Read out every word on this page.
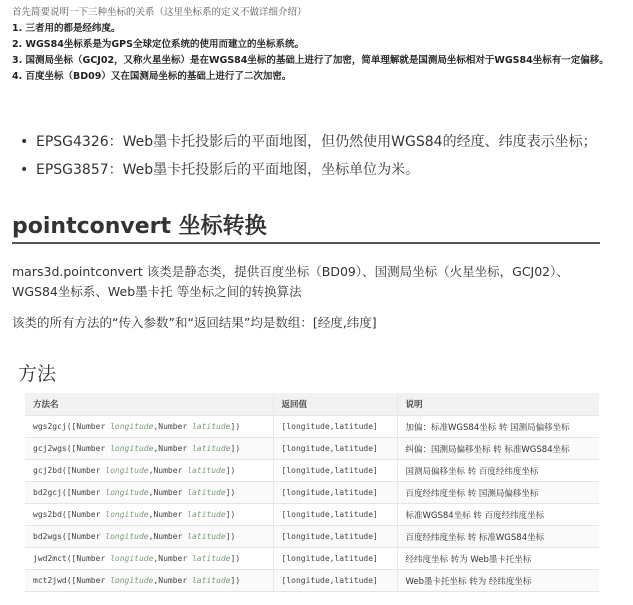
首先简要说明一下三种坐标的关系（这里坐标系的定义不做详细介绍）
1. 三者用的都是经纬度。
2. WGS84坐标系是为GPS全球定位系统的使用而建立的坐标系统。
3. 国测局坐标（GCJ02，又称火星坐标）是在WGS84坐标的基础上进行了加密，简单理解就是国测局坐标相对于WGS84坐标有一定偏移。
4. 百度坐标（BD09）又在国测局坐标的基础上进行了二次加密。
• EPSG4326：Web墨卡托投影后的平面地图，但仍然使用WGS84的经度、纬度表示坐标；
• EPSG3857：Web墨卡托投影后的平面地图，坐标单位为米。
pointconvert 坐标转换

mars3d.pointconvert 该类是静态类，提供百度坐标（BD09）、国测局坐标（火星坐标，GCJ02）、WGS84坐标系、Web墨卡托 等坐标之间的转换算法

该类的所有方法的“传入参数”和“返回结果”均是数组：[经度,纬度]

方法
方法名	返回值	说明
wgs2gcj([Number longitude,Number latitude])	[longitude,latitude]	加偏：标准WGS84坐标 转 国测局偏移坐标
gcj2wgs([Number longitude,Number latitude])	[longitude,latitude]	纠偏：国测局偏移坐标 转 标准WGS84坐标
gcj2bd([Number longitude,Number latitude])	[longitude,latitude]	国测局偏移坐标 转 百度经纬度坐标
bd2gcj([Number longitude,Number latitude])	[longitude,latitude]	百度经纬度坐标 转 国测局偏移坐标
wgs2bd([Number longitude,Number latitude])	[longitude,latitude]	标准WGS84坐标 转 百度经纬度坐标
bd2wgs([Number longitude,Number latitude])	[longitude,latitude]	百度经纬度坐标 转 标准WGS84坐标
jwd2mct([Number longitude,Number latitude])	[longitude,latitude]	经纬度坐标 转为 Web墨卡托坐标
mct2jwd([Number longitude,Number latitude])	[longitude,latitude]	Web墨卡托坐标 转为 经纬度坐标
